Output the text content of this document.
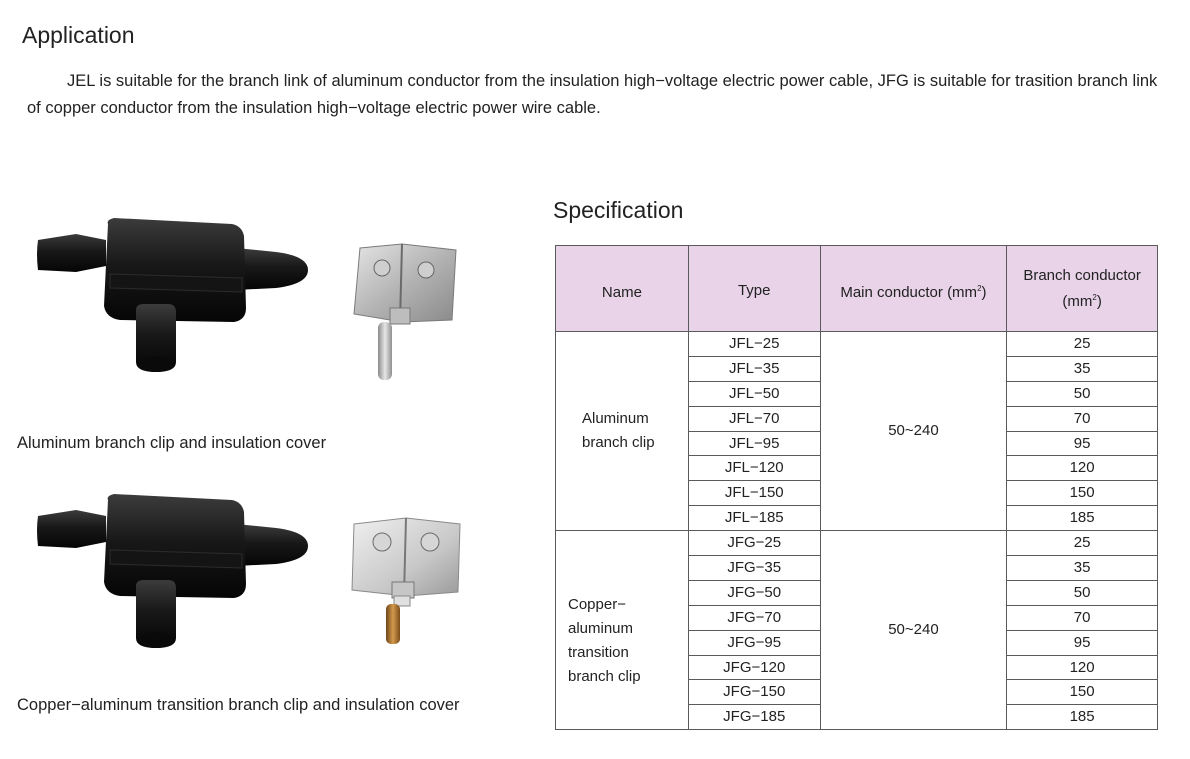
Application

JEL is suitable for the branch link of aluminum conductor from the insulation high−voltage electric power cable, JFG is suitable for trasition branch link of copper conductor from the insulation high−voltage electric power wire cable.

Aluminum branch clip and insulation cover
Copper−aluminum transition branch clip and insulation cover
Specification
Name	Type	Main conductor $(mm^2)$	Branch conductor
$(mm^2)$
Aluminum
branch clip	JFL−25	50~240	25
	JFL−35		35
	JFL−50		50
	JFL−70		70
	JFL−95		95
	JFL−120		120
	JFL−150		150
	JFL−185		185
Copper−
aluminum
transition
branch clip	JFG−25	50~240	25
	JFG−35		35
	JFG−50		50
	JFG−70		70
	JFG−95		95
	JFG−120		120
	JFG−150		150
	JFG−185		185
